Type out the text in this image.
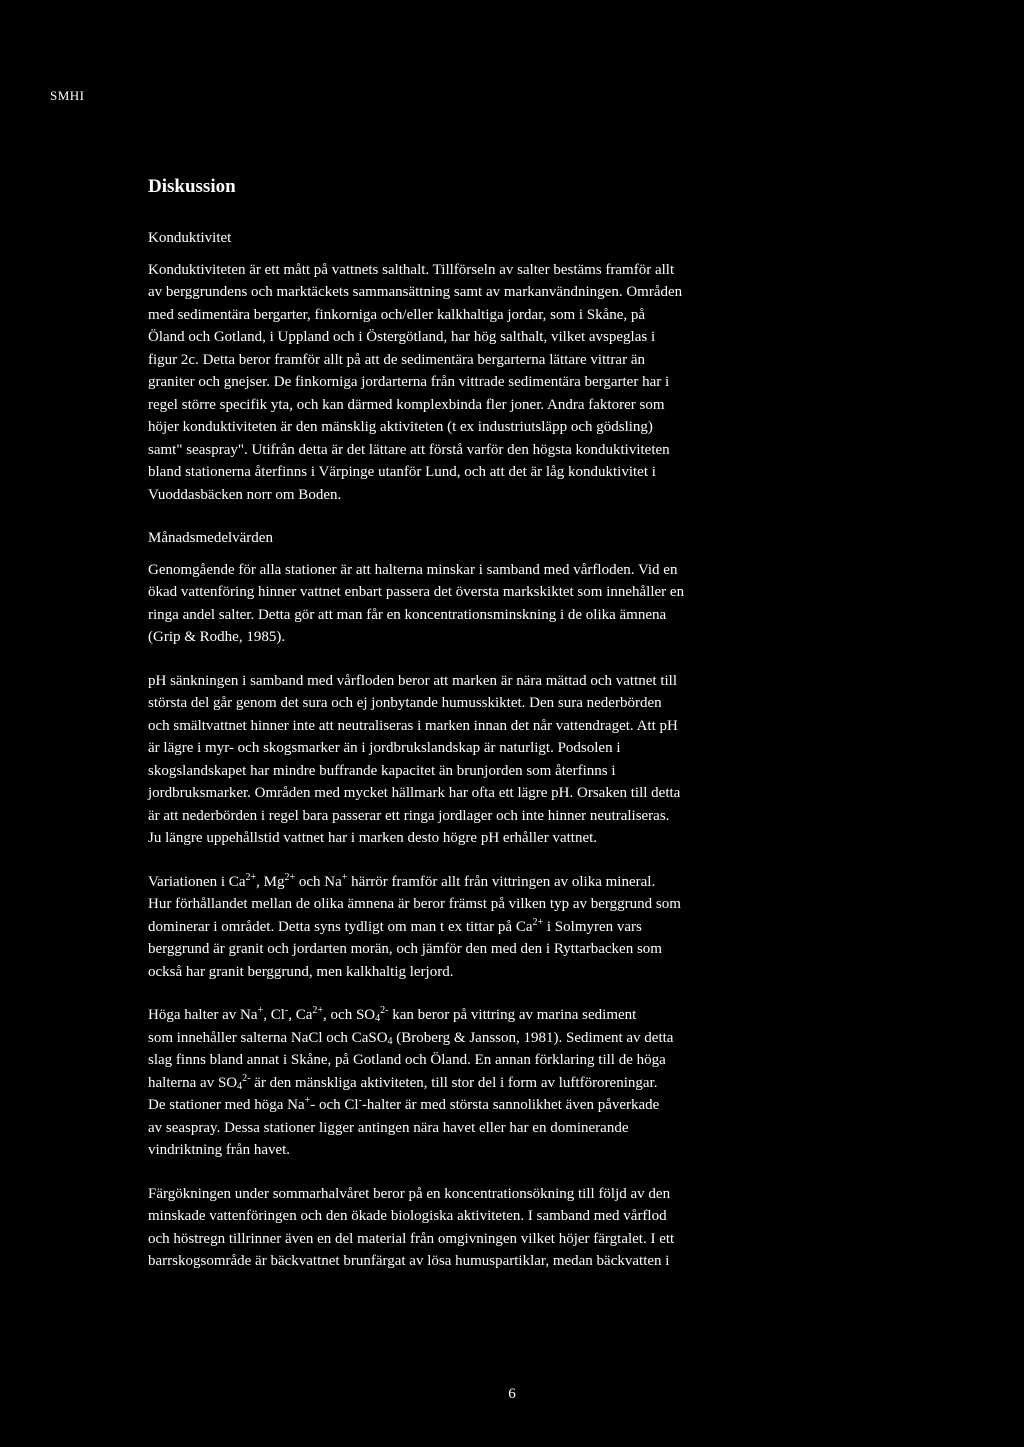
SMHI
Diskussion
Konduktivitet
Konduktiviteten är ett mått på vattnets salthalt. Tillförseln av salter bestäms framför allt
av berggrundens och marktäckets sammansättning samt av markanvändningen. Områden
med sedimentära bergarter, finkorniga och/eller kalkhaltiga jordar, som i Skåne, på
Öland och Gotland, i Uppland och i Östergötland, har hög salthalt, vilket avspeglas i
figur 2c. Detta beror framför allt på att de sedimentära bergarterna lättare vittrar än
graniter och gnejser. De finkorniga jordarterna från vittrade sedimentära bergarter har i
regel större specifik yta, och kan därmed komplexbinda fler joner. Andra faktorer som
höjer konduktiviteten är den mänsklig aktiviteten (t ex industriutsläpp och gödsling)
samt" seaspray". Utifrån detta är det lättare att förstå varför den högsta konduktiviteten
bland stationerna återfinns i Värpinge utanför Lund, och att det är låg konduktivitet i
Vuoddasbäcken norr om Boden.
Månadsmedelvärden
Genomgående för alla stationer är att halterna minskar i samband med vårfloden. Vid en
ökad vattenföring hinner vattnet enbart passera det översta markskiktet som innehåller en
ringa andel salter. Detta gör att man får en koncentrationsminskning i de olika ämnena
(Grip & Rodhe, 1985).
pH sänkningen i samband med vårfloden beror att marken är nära mättad och vattnet till
största del går genom det sura och ej jonbytande humusskiktet. Den sura nederbörden
och smältvattnet hinner inte att neutraliseras i marken innan det når vattendraget. Att pH
är lägre i myr- och skogsmarker än i jordbrukslandskap är naturligt. Podsolen i
skogslandskapet har mindre buffrande kapacitet än brunjorden som återfinns i
jordbruksmarker. Områden med mycket hällmark har ofta ett lägre pH. Orsaken till detta
är att nederbörden i regel bara passerar ett ringa jordlager och inte hinner neutraliseras.
Ju längre uppehållstid vattnet har i marken desto högre pH erhåller vattnet.
Variationen i $Ca^{2+}$, $Mg^{2+}$ och Na+ härrör framför allt från vittringen av olika mineral.
Hur förhållandet mellan de olika ämnena är beror främst på vilken typ av berggrund som
dominerar i området. Detta syns tydligt om man t ex tittar på $Ca^{2+}$ i Solmyren vars
berggrund är granit och jordarten morän, och jämför den med den i Ryttarbacken som
också har granit berggrund, men kalkhaltig lerjord.
Höga halter av Na+, Cl-, $Ca^{2+}$, och $SO_4^{2-}$ kan beror på vittring av marina sediment
som innehåller salterna NaCl och CaSO$_4$ (Broberg & Jansson, 1981). Sediment av detta
slag finns bland annat i Skåne, på Gotland och Öland. En annan förklaring till de höga
halterna av $SO_4^{2-}$ är den mänskliga aktiviteten, till stor del i form av luftföroreningar.
De stationer med höga Na+- och Cl--halter är med största sannolikhet även påverkade
av seaspray. Dessa stationer ligger antingen nära havet eller har en dominerande
vindriktning från havet.
Färgökningen under sommarhalvåret beror på en koncentrationsökning till följd av den
minskade vattenföringen och den ökade biologiska aktiviteten. I samband med vårflod
och höstregn tillrinner även en del material från omgivningen vilket höjer färgtalet. I ett
barrskogsområde är bäckvattnet brunfärgat av lösa humuspartiklar, medan bäckvatten i
6
